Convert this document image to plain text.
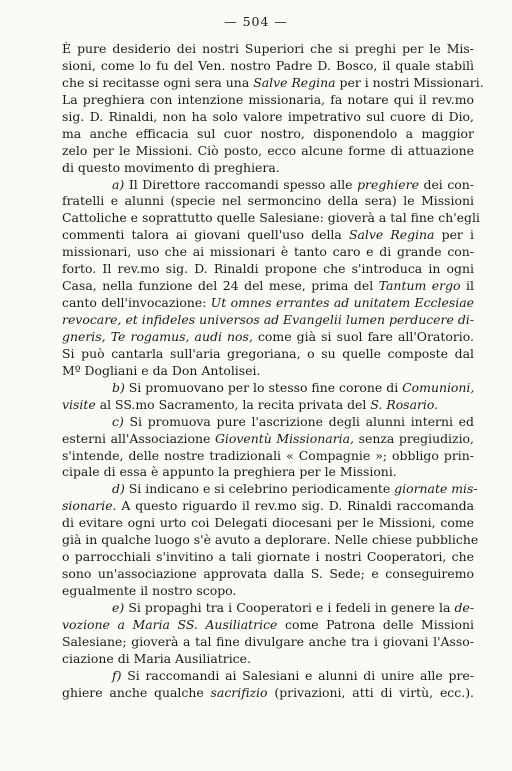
— 504 —
È pure desiderio dei nostri Superiori che si preghi per le Mis-
sioni, come lo fu del Ven. nostro Padre D. Bosco, il quale stabilì
che si recitasse ogni sera una Salve Regina per i nostri Missionari.
La preghiera con intenzione missionaria, fa notare qui il rev.mo
sig. D. Rinaldi, non ha solo valore impetrativo sul cuore di Dio,
ma anche efficacia sul cuor nostro, disponendolo a maggior
zelo per le Missioni. Ciò posto, ecco alcune forme di attuazione
di questo movimento di preghiera.
a) Il Direttore raccomandi spesso alle preghiere dei con-
fratelli e alunni (specie nel sermoncino della sera) le Missioni
Cattoliche e soprattutto quelle Salesiane: gioverà a tal fine ch'egli
commenti talora ai giovani quell'uso della Salve Regina per i
missionari, uso che ai missionari è tanto caro e di grande con-
forto. Il rev.mo sig. D. Rinaldi propone che s'introduca in ogni
Casa, nella funzione del 24 del mese, prima del Tantum ergo il
canto dell'invocazione: Ut omnes errantes ad unitatem Ecclesiae
revocare, et infideles universos ad Evangelii lumen perducere di-
gneris, Te rogamus, audi nos, come già si suol fare all'Oratorio.
Si può cantarla sull'aria gregoriana, o su quelle composte dal
Mº Dogliani e da Don Antolisei.
b) Si promuovano per lo stesso fine corone di Comunioni,
visite al SS.mo Sacramento, la recita privata del S. Rosario.
c) Si promuova pure l'ascrizione degli alunni interni ed
esterni all'Associazione Gioventù Missionaria, senza pregiudizio,
s'intende, delle nostre tradizionali « Compagnie »; obbligo prin-
cipale di essa è appunto la preghiera per le Missioni.
d) Si indicano e si celebrino periodicamente giornate mis-
sionarie. A questo riguardo il rev.mo sig. D. Rinaldi raccomanda
di evitare ogni urto coi Delegati diocesani per le Missioni, come
già in qualche luogo s'è avuto a deplorare. Nelle chiese pubbliche
o parrocchiali s'invitino a tali giornate i nostri Cooperatori, che
sono un'associazione approvata dalla S. Sede; e conseguiremo
egualmente il nostro scopo.
e) Si propaghi tra i Cooperatori e i fedeli in genere la de-
vozione a Maria SS. Ausiliatrice come Patrona delle Missioni
Salesiane; gioverà a tal fine divulgare anche tra i giovani l'Asso-
ciazione di Maria Ausiliatrice.
f) Si raccomandi ai Salesiani e alunni di unire alle pre-
ghiere anche qualche sacrifizio (privazioni, atti di virtù, ecc.).
